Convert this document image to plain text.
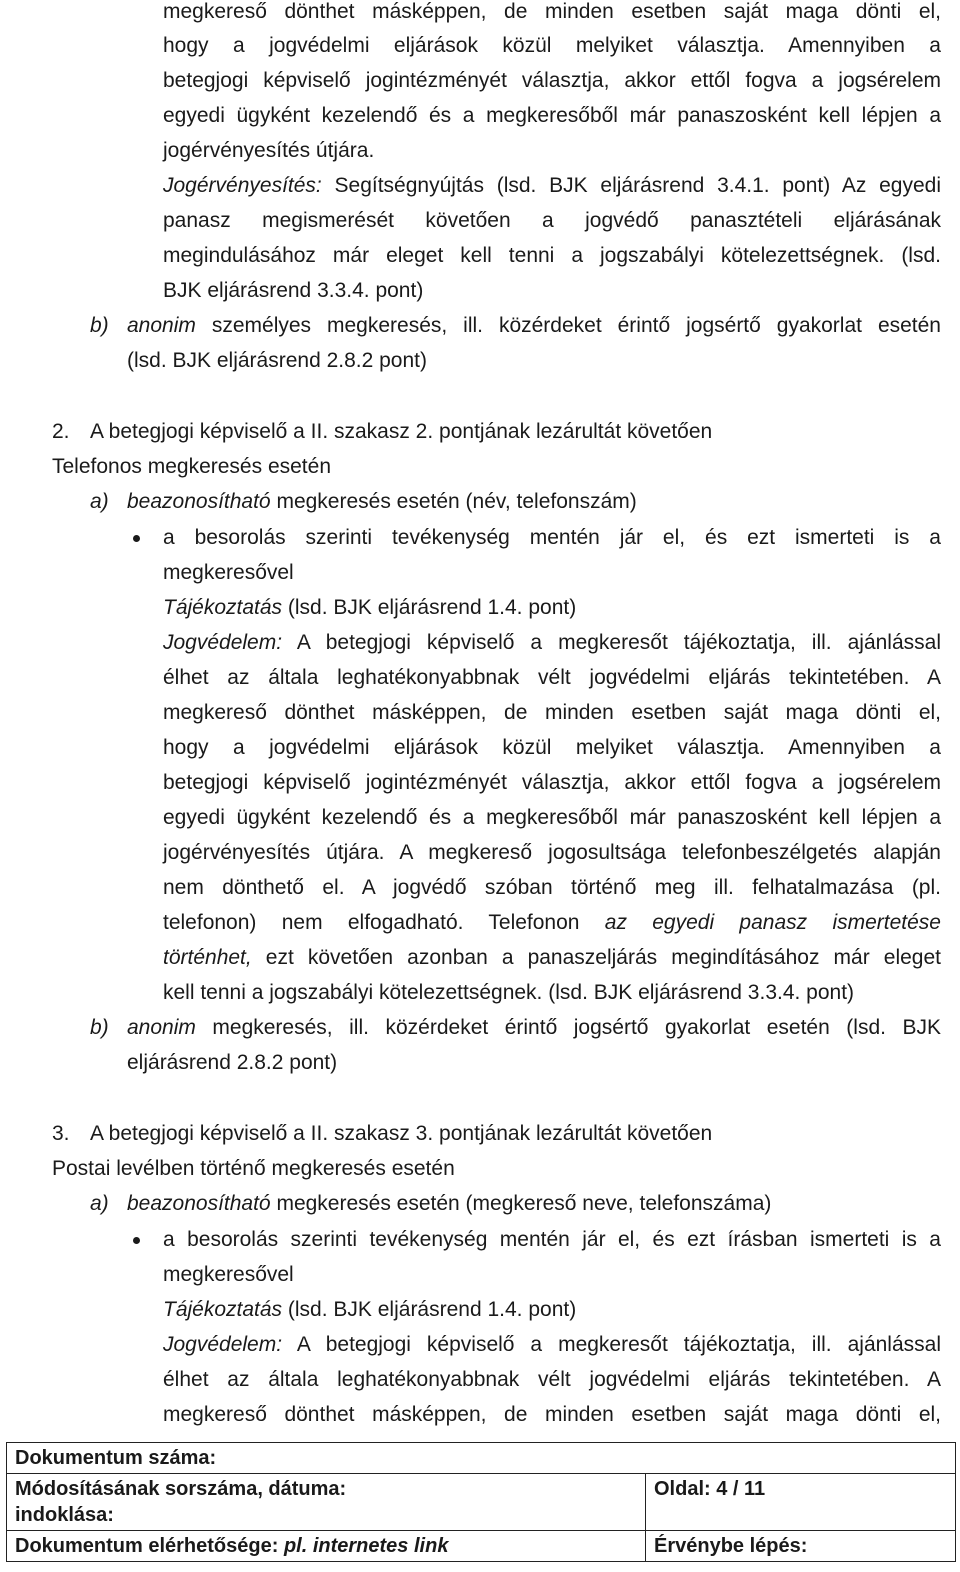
megkereső dönthet másképpen, de minden esetben saját maga dönti el,
hogy a jogvédelmi eljárások közül melyiket választja. Amennyiben a
betegjogi képviselő jogintézményét választja, akkor ettől fogva a jogsérelem
egyedi ügyként kezelendő és a megkeresőből már panaszosként kell lépjen a
jogérvényesítés útjára.
Jogérvényesítés: Segítségnyújtás (lsd. BJK eljárásrend 3.4.1. pont) Az egyedi
panasz megismerését követően a jogvédő panasztételi eljárásának
megindulásához már eleget kell tenni a jogszabályi kötelezettségnek. (lsd.
BJK eljárásrend 3.3.4. pont)
b) anonim személyes megkeresés, ill. közérdeket érintő jogsértő gyakorlat esetén
(lsd. BJK eljárásrend 2.8.2 pont)
2. A betegjogi képviselő a II. szakasz 2. pontjának lezárultát követően
Telefonos megkeresés esetén
a) beazonosítható megkeresés esetén (név, telefonszám)
a besorolás szerinti tevékenység mentén jár el, és ezt ismerteti is a
megkeresővel
Tájékoztatás (lsd. BJK eljárásrend 1.4. pont)
Jogvédelem: A betegjogi képviselő a megkeresőt tájékoztatja, ill. ajánlással
élhet az általa leghatékonyabbnak vélt jogvédelmi eljárás tekintetében. A
megkereső dönthet másképpen, de minden esetben saját maga dönti el,
hogy a jogvédelmi eljárások közül melyiket választja. Amennyiben a
betegjogi képviselő jogintézményét választja, akkor ettől fogva a jogsérelem
egyedi ügyként kezelendő és a megkeresőből már panaszosként kell lépjen a
jogérvényesítés útjára. A megkereső jogosultsága telefonbeszélgetés alapján
nem dönthető el. A jogvédő szóban történő meg ill. felhatalmazása (pl.
telefonon) nem elfogadható. Telefonon az egyedi panasz ismertetése
történhet, ezt követően azonban a panaszeljárás megindításához már eleget
kell tenni a jogszabályi kötelezettségnek. (lsd. BJK eljárásrend 3.3.4. pont)
b) anonim megkeresés, ill. közérdeket érintő jogsértő gyakorlat esetén (lsd. BJK
eljárásrend 2.8.2 pont)
3. A betegjogi képviselő a II. szakasz 3. pontjának lezárultát követően
Postai levélben történő megkeresés esetén
a) beazonosítható megkeresés esetén (megkereső neve, telefonszáma)
a besorolás szerinti tevékenység mentén jár el, és ezt írásban ismerteti is a
megkeresővel
Tájékoztatás (lsd. BJK eljárásrend 1.4. pont)
Jogvédelem: A betegjogi képviselő a megkeresőt tájékoztatja, ill. ajánlással
élhet az általa leghatékonyabbnak vélt jogvédelmi eljárás tekintetében. A
megkereső dönthet másképpen, de minden esetben saját maga dönti el,
Dokumentum száma:	

Módosításának sorszáma, dátuma:
indoklása:	Oldal: 4 / 11

Dokumentum elérhetősége: pl. internetes link	Érvénybe lépés:
